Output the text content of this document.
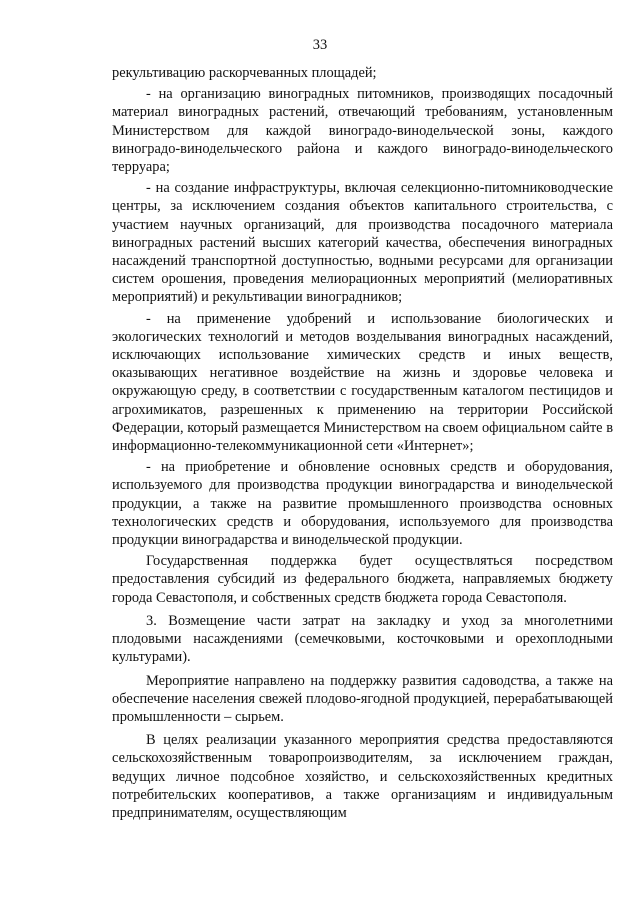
33

рекультивацию раскорчеванных площадей;

- на организацию виноградных питомников, производящих посадочный материал виноградных растений, отвечающий требованиям, установленным Министерством для каждой виноградо-винодельческой зоны, каждого виноградо-винодельческого района и каждого виноградо-винодельческого терруара;

- на создание инфраструктуры, включая селекционно-питомниководческие центры, за исключением создания объектов капитального строительства, с участием научных организаций, для производства посадочного материала виноградных растений высших категорий качества, обеспечения виноградных насаждений транспортной доступностью, водными ресурсами для организации систем орошения, проведения мелиорационных мероприятий (мелиоративных мероприятий) и рекультивации виноградников;

- на применение удобрений и использование биологических и экологических технологий и методов возделывания виноградных насаждений, исключающих использование химических средств и иных веществ, оказывающих негативное воздействие на жизнь и здоровье человека и окружающую среду, в соответствии с государственным каталогом пестицидов и агрохимикатов, разрешенных к применению на территории Российской Федерации, который размещается Министерством на своем официальном сайте в информационно-телекоммуникационной сети «Интернет»;

- на приобретение и обновление основных средств и оборудования, используемого для производства продукции виноградарства и винодельческой продукции, а также на развитие промышленного производства основных технологических средств и оборудования, используемого для производства продукции виноградарства и винодельческой продукции.

Государственная поддержка будет осуществляться посредством предоставления субсидий из федерального бюджета, направляемых бюджету города Севастополя, и собственных средств бюджета города Севастополя.

3. Возмещение части затрат на закладку и уход за многолетними плодовыми насаждениями (семечковыми, косточковыми и орехоплодными культурами).

Мероприятие направлено на поддержку развития садоводства, а также на обеспечение населения свежей плодово-ягодной продукцией, перерабатывающей промышленности – сырьем.

В целях реализации указанного мероприятия средства предоставляются сельскохозяйственным товаропроизводителям, за исключением граждан, ведущих личное подсобное хозяйство, и сельскохозяйственных кредитных потребительских кооперативов, а также организациям и индивидуальным предпринимателям, осуществляющим
